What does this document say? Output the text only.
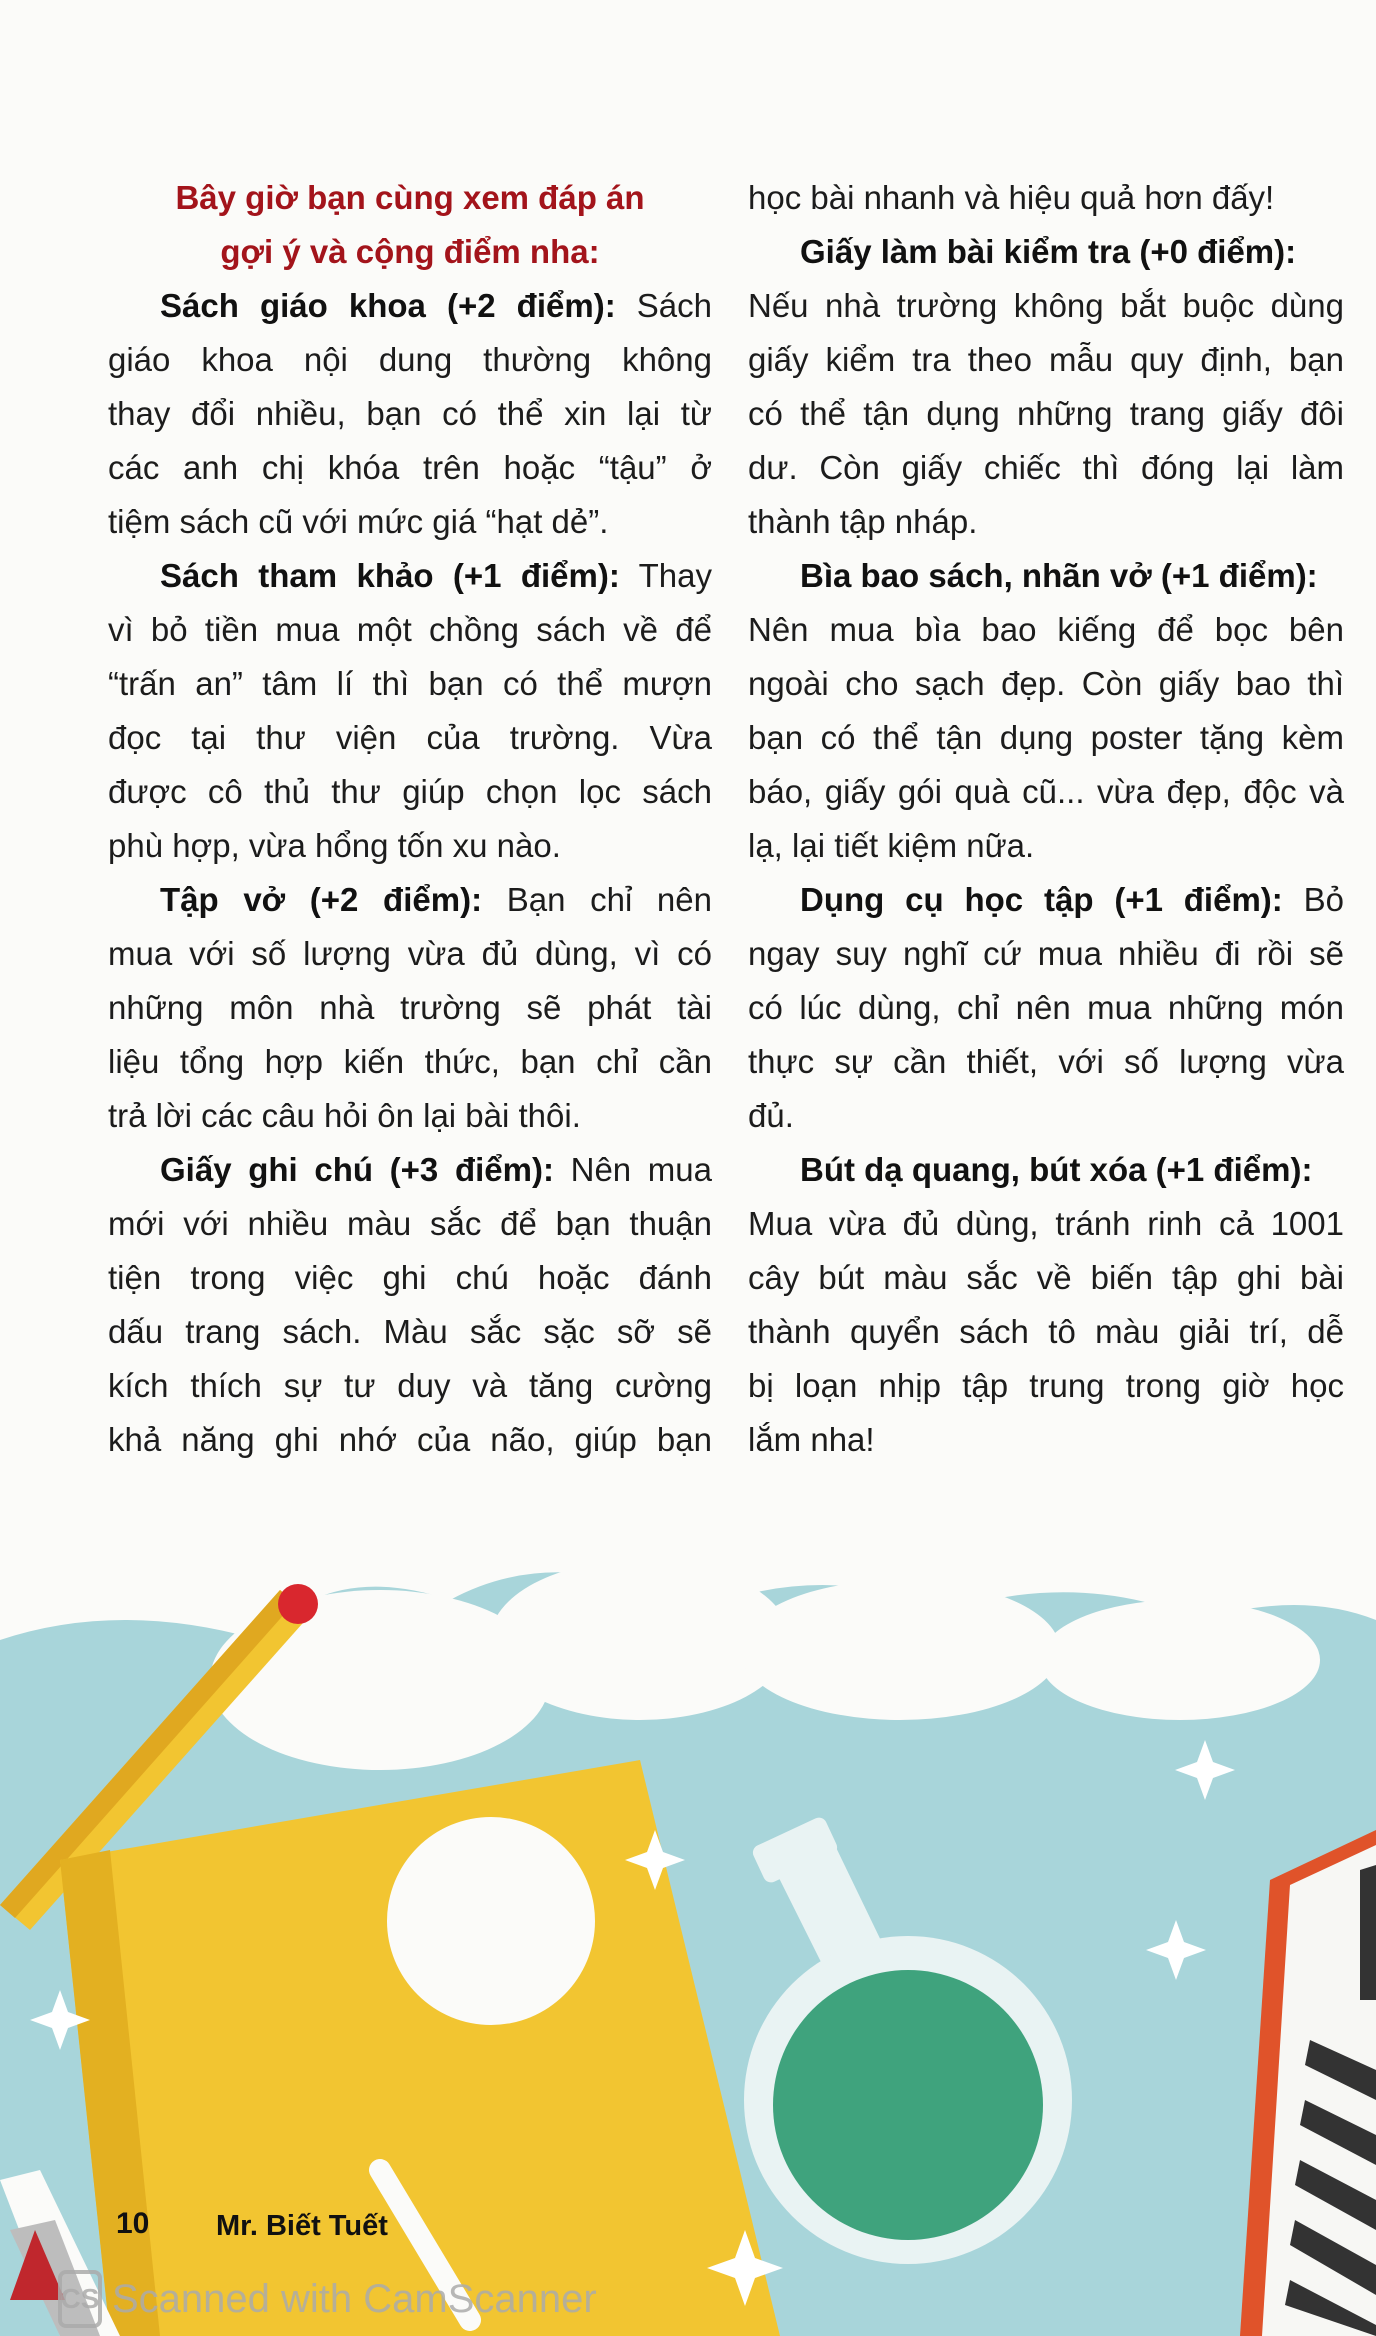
Bây giờ bạn cùng xem đáp án
gợi ý và cộng điểm nha:
Sách giáo khoa (+2 điểm): Sách
giáo khoa nội dung thường không
thay đổi nhiều, bạn có thể xin lại từ
các anh chị khóa trên hoặc “tậu” ở
tiệm sách cũ với mức giá “hạt dẻ”.
Sách tham khảo (+1 điểm): Thay
vì bỏ tiền mua một chồng sách về để
“trấn an” tâm lí thì bạn có thể mượn
đọc tại thư viện của trường. Vừa
được cô thủ thư giúp chọn lọc sách
phù hợp, vừa hổng tốn xu nào.
Tập vở (+2 điểm): Bạn chỉ nên
mua với số lượng vừa đủ dùng, vì có
những môn nhà trường sẽ phát tài
liệu tổng hợp kiến thức, bạn chỉ cần
trả lời các câu hỏi ôn lại bài thôi.
Giấy ghi chú (+3 điểm): Nên mua
mới với nhiều màu sắc để bạn thuận
tiện trong việc ghi chú hoặc đánh
dấu trang sách. Màu sắc sặc sỡ sẽ
kích thích sự tư duy và tăng cường
khả năng ghi nhớ của não, giúp bạn
học bài nhanh và hiệu quả hơn đấy!
Giấy làm bài kiểm tra (+0 điểm):
Nếu nhà trường không bắt buộc dùng
giấy kiểm tra theo mẫu quy định, bạn
có thể tận dụng những trang giấy đôi
dư. Còn giấy chiếc thì đóng lại làm
thành tập nháp.
Bìa bao sách, nhãn vở (+1 điểm):
Nên mua bìa bao kiếng để bọc bên
ngoài cho sạch đẹp. Còn giấy bao thì
bạn có thể tận dụng poster tặng kèm
báo, giấy gói quà cũ... vừa đẹp, độc và
lạ, lại tiết kiệm nữa.
Dụng cụ học tập (+1 điểm): Bỏ
ngay suy nghĩ cứ mua nhiều đi rồi sẽ
có lúc dùng, chỉ nên mua những món
thực sự cần thiết, với số lượng vừa
đủ.
Bút dạ quang, bút xóa (+1 điểm):
Mua vừa đủ dùng, tránh rinh cả 1001
cây bút màu sắc về biến tập ghi bài
thành quyển sách tô màu giải trí, dễ
bị loạn nhịp tập trung trong giờ học
lắm nha!
10 Mr. Biết Tuết
CS Scanned with CamScanner
